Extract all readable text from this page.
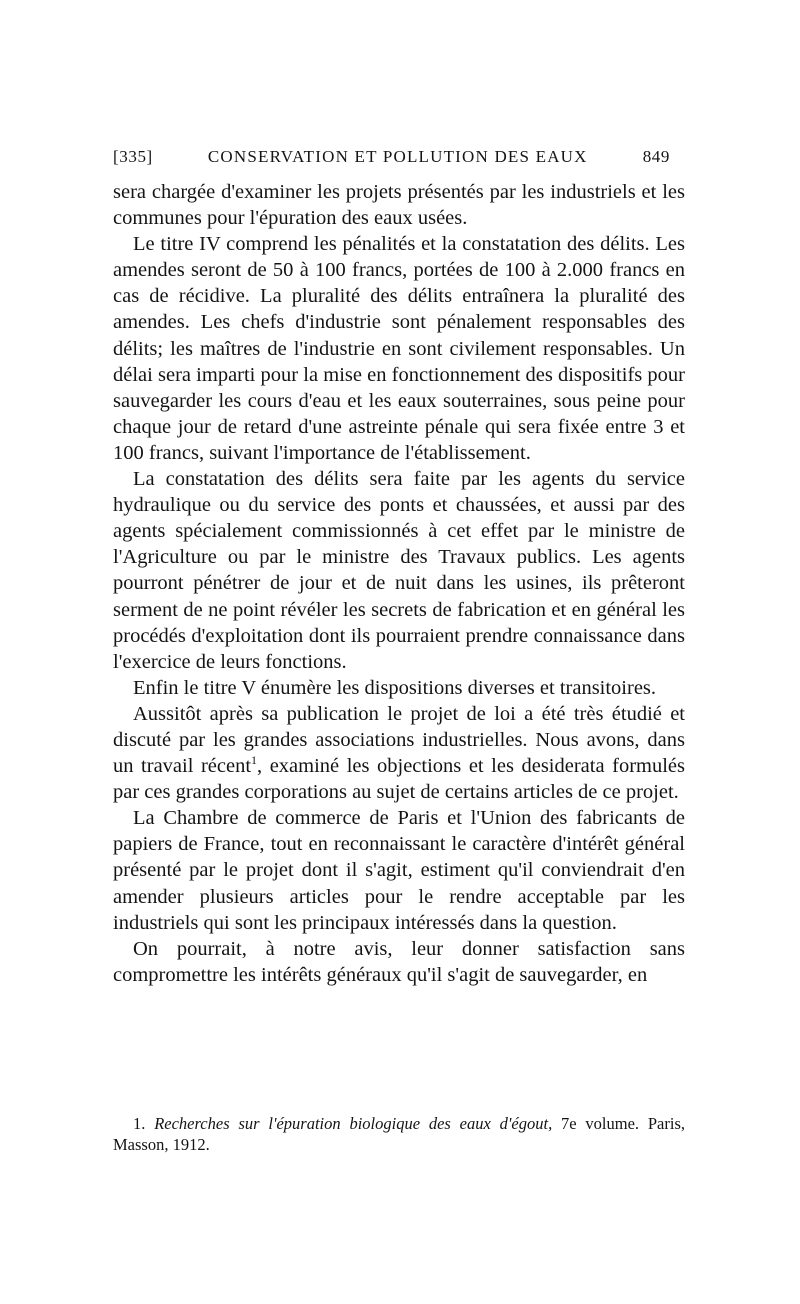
[335]	CONSERVATION ET POLLUTION DES EAUX	849

sera chargée d'examiner les projets présentés par les industriels et les communes pour l'épuration des eaux usées.

Le titre IV comprend les pénalités et la constatation des délits. Les amendes seront de 50 à 100 francs, portées de 100 à 2.000 francs en cas de récidive. La pluralité des délits entraînera la pluralité des amendes. Les chefs d'industrie sont pénalement responsables des délits; les maîtres de l'industrie en sont civilement responsables. Un délai sera imparti pour la mise en fonctionnement des dispositifs pour sauvegarder les cours d'eau et les eaux souterraines, sous peine pour chaque jour de retard d'une astreinte pénale qui sera fixée entre 3 et 100 francs, suivant l'importance de l'établissement.

La constatation des délits sera faite par les agents du service hydraulique ou du service des ponts et chaussées, et aussi par des agents spécialement commissionnés à cet effet par le ministre de l'Agriculture ou par le ministre des Travaux publics. Les agents pourront pénétrer de jour et de nuit dans les usines, ils prêteront serment de ne point révéler les secrets de fabrication et en général les procédés d'exploitation dont ils pourraient prendre connaissance dans l'exercice de leurs fonctions.

Enfin le titre V énumère les dispositions diverses et transitoires.

Aussitôt après sa publication le projet de loi a été très étudié et discuté par les grandes associations industrielles. Nous avons, dans un travail récent$^1$, examiné les objections et les desiderata formulés par ces grandes corporations au sujet de certains articles de ce projet.

La Chambre de commerce de Paris et l'Union des fabricants de papiers de France, tout en reconnaissant le caractère d'intérêt général présenté par le projet dont il s'agit, estiment qu'il conviendrait d'en amender plusieurs articles pour le rendre acceptable par les industriels qui sont les principaux intéressés dans la question.

On pourrait, à notre avis, leur donner satisfaction sans compromettre les intérêts généraux qu'il s'agit de sauvegarder, en

1. Recherches sur l'épuration biologique des eaux d'égout, 7e volume. Paris, Masson, 1912.
